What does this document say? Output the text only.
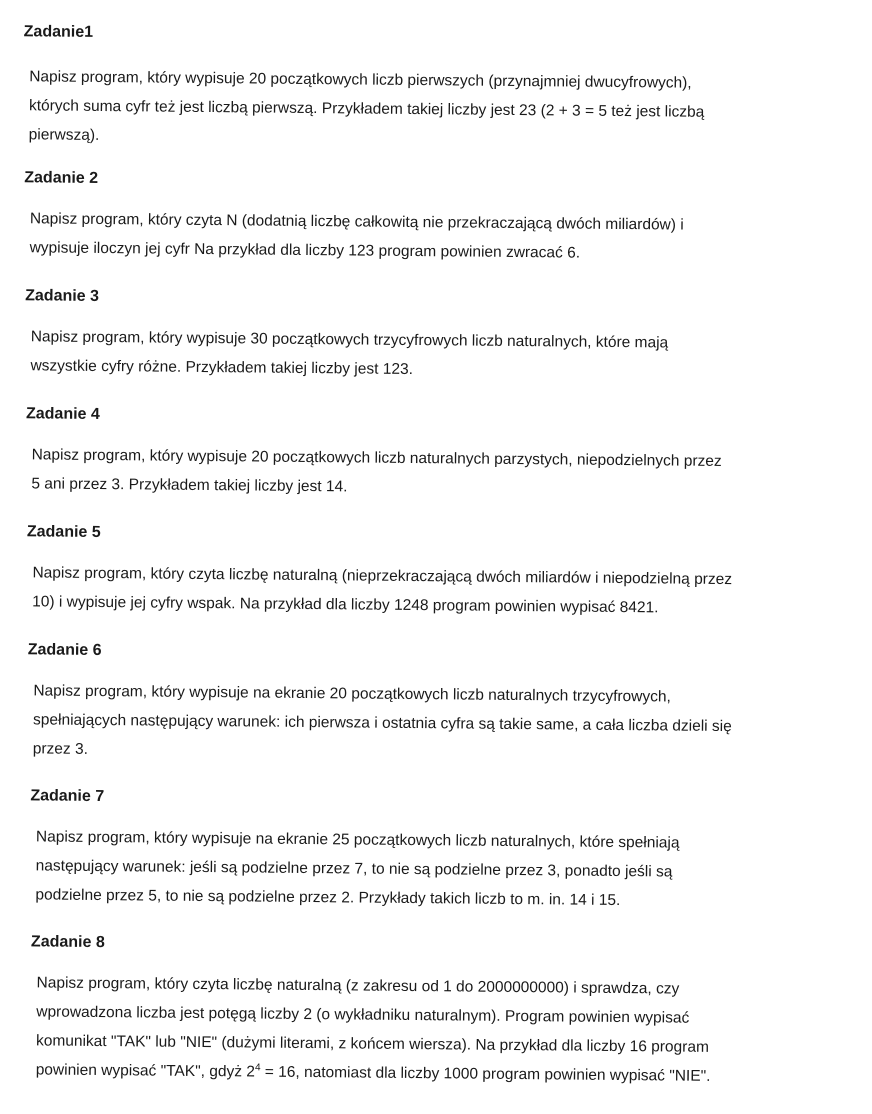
Zadanie1
Napisz program, który wypisuje 20 początkowych liczb pierwszych (przynajmniej dwucyfrowych),
których suma cyfr też jest liczbą pierwszą. Przykładem takiej liczby jest 23 (2 + 3 = 5 też jest liczbą
pierwszą).
Zadanie 2
Napisz program, który czyta N (dodatnią liczbę całkowitą nie przekraczającą dwóch miliardów) i
wypisuje iloczyn jej cyfr Na przykład dla liczby 123 program powinien zwracać 6.
Zadanie 3
Napisz program, który wypisuje 30 początkowych trzycyfrowych liczb naturalnych, które mają
wszystkie cyfry różne. Przykładem takiej liczby jest 123.
Zadanie 4
Napisz program, który wypisuje 20 początkowych liczb naturalnych parzystych, niepodzielnych przez
5 ani przez 3. Przykładem takiej liczby jest 14.
Zadanie 5
Napisz program, który czyta liczbę naturalną (nieprzekraczającą dwóch miliardów i niepodzielną przez
10) i wypisuje jej cyfry wspak. Na przykład dla liczby 1248 program powinien wypisać 8421.
Zadanie 6
Napisz program, który wypisuje na ekranie 20 początkowych liczb naturalnych trzycyfrowych,
spełniających następujący warunek: ich pierwsza i ostatnia cyfra są takie same, a cała liczba dzieli się
przez 3.
Zadanie 7
Napisz program, który wypisuje na ekranie 25 początkowych liczb naturalnych, które spełniają
następujący warunek: jeśli są podzielne przez 7, to nie są podzielne przez 3, ponadto jeśli są
podzielne przez 5, to nie są podzielne przez 2. Przykłady takich liczb to m. in. 14 i 15.
Zadanie 8
Napisz program, który czyta liczbę naturalną (z zakresu od 1 do 2000000000) i sprawdza, czy
wprowadzona liczba jest potęgą liczby 2 (o wykładniku naturalnym). Program powinien wypisać
komunikat "TAK" lub "NIE" (dużymi literami, z końcem wiersza). Na przykład dla liczby 16 program
powinien wypisać "TAK", gdyż $2^4 = 16$, natomiast dla liczby 1000 program powinien wypisać "NIE".
